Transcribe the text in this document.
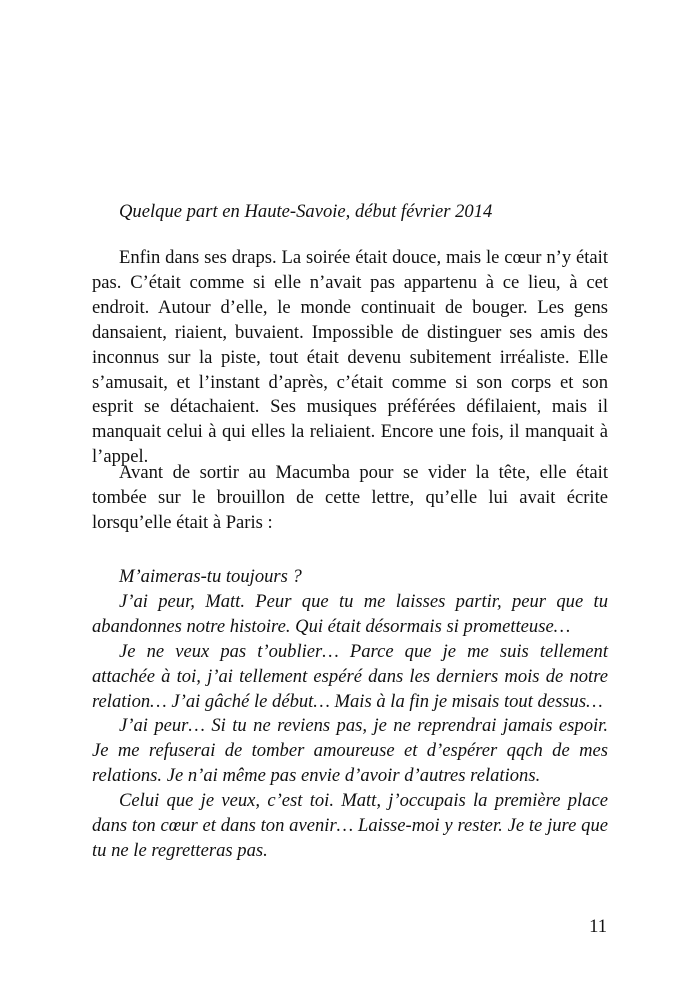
Quelque part en Haute-Savoie, début février 2014

Enfin dans ses draps. La soirée était douce, mais le cœur n’y était pas. C’était comme si elle n’avait pas appartenu à ce lieu, à cet endroit. Autour d’elle, le monde continuait de bouger. Les gens dansaient, riaient, buvaient. Impossible de distinguer ses amis des inconnus sur la piste, tout était devenu subitement irréaliste. Elle s’amusait, et l’instant d’après, c’était comme si son corps et son esprit se détachaient. Ses musiques préférées défilaient, mais il manquait celui à qui elles la reliaient. Encore une fois, il manquait à l’appel.

Avant de sortir au Macumba pour se vider la tête, elle était tombée sur le brouillon de cette lettre, qu’elle lui avait écrite lorsqu’elle était à Paris :

M’aimeras-tu toujours ?

J’ai peur, Matt. Peur que tu me laisses partir, peur que tu abandonnes notre histoire. Qui était désormais si prometteuse…

Je ne veux pas t’oublier… Parce que je me suis tellement attachée à toi, j’ai tellement espéré dans les derniers mois de notre relation… J’ai gâché le début… Mais à la fin je misais tout dessus…

J’ai peur… Si tu ne reviens pas, je ne reprendrai jamais espoir. Je me refuserai de tomber amoureuse et d’espérer qqch de mes relations. Je n’ai même pas envie d’avoir d’autres relations.

Celui que je veux, c’est toi. Matt, j’occupais la première place dans ton cœur et dans ton avenir… Laisse-moi y rester. Je te jure que tu ne le regretteras pas.

11
